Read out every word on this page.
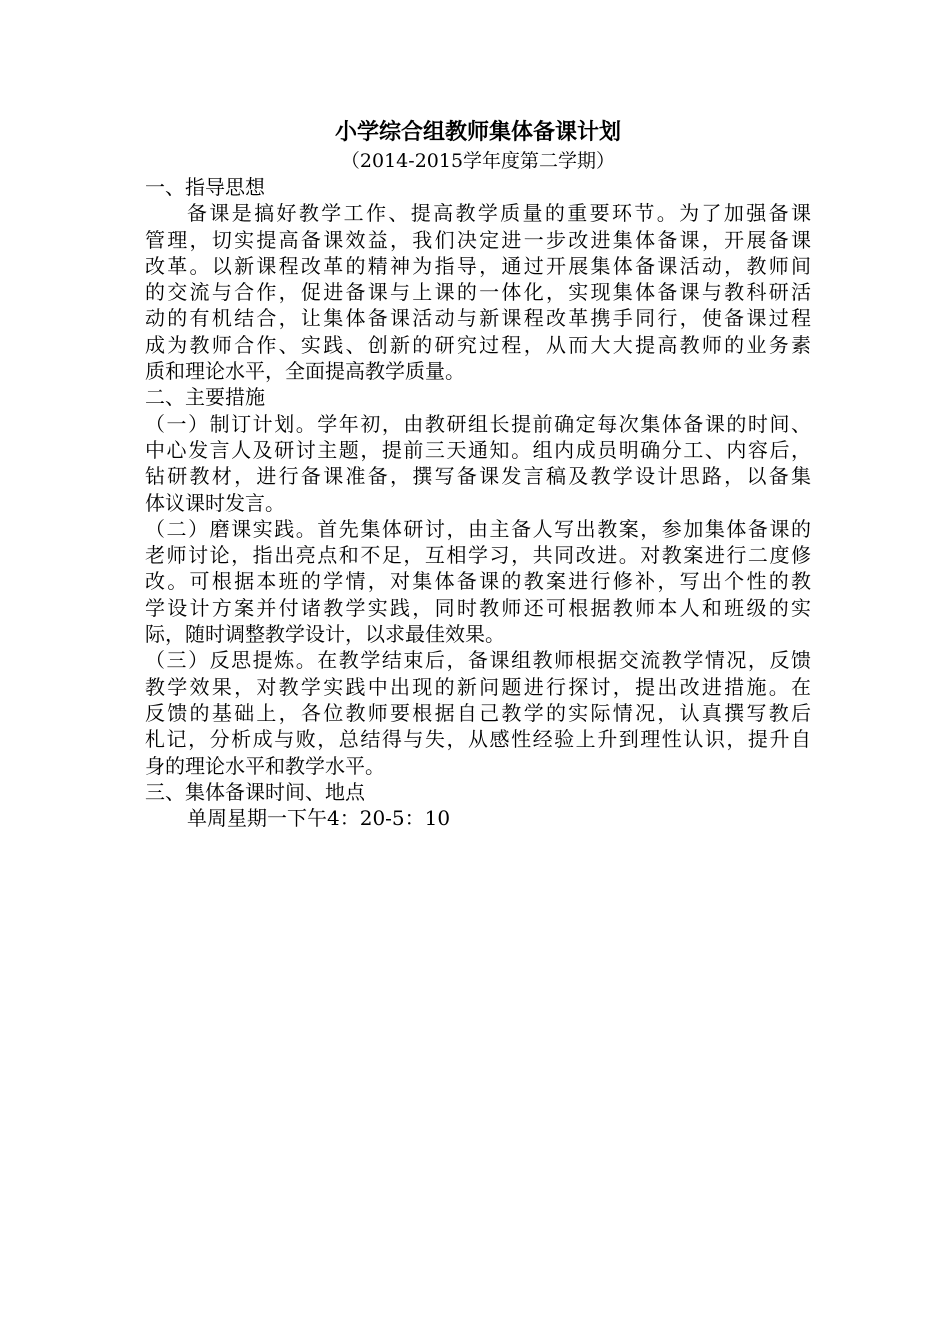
小学综合组教师集体备课计划

（2014-2015学年度第二学期）

一、指导思想

备课是搞好教学工作、提高教学质量的重要环节。为了加强备课

管理，切实提高备课效益，我们决定进一步改进集体备课，开展备课

改革。以新课程改革的精神为指导，通过开展集体备课活动，教师间

的交流与合作，促进备课与上课的一体化，实现集体备课与教科研活

动的有机结合，让集体备课活动与新课程改革携手同行，使备课过程

成为教师合作、实践、创新的研究过程，从而大大提高教师的业务素

质和理论水平，全面提高教学质量。

二、主要措施

（一）制订计划。学年初，由教研组长提前确定每次集体备课的时间、

中心发言人及研讨主题，提前三天通知。组内成员明确分工、内容后，

钻研教材，进行备课准备，撰写备课发言稿及教学设计思路，以备集

体议课时发言。

（二）磨课实践。首先集体研讨，由主备人写出教案，参加集体备课的

老师讨论，指出亮点和不足，互相学习，共同改进。对教案进行二度修

改。可根据本班的学情，对集体备课的教案进行修补，写出个性的教

学设计方案并付诸教学实践，同时教师还可根据教师本人和班级的实

际，随时调整教学设计，以求最佳效果。

（三）反思提炼。在教学结束后，备课组教师根据交流教学情况，反馈

教学效果，对教学实践中出现的新问题进行探讨，提出改进措施。在

反馈的基础上，各位教师要根据自己教学的实际情况，认真撰写教后

札记，分析成与败，总结得与失，从感性经验上升到理性认识，提升自

身的理论水平和教学水平。

三、集体备课时间、地点

单周星期一下午4：20-5：10
